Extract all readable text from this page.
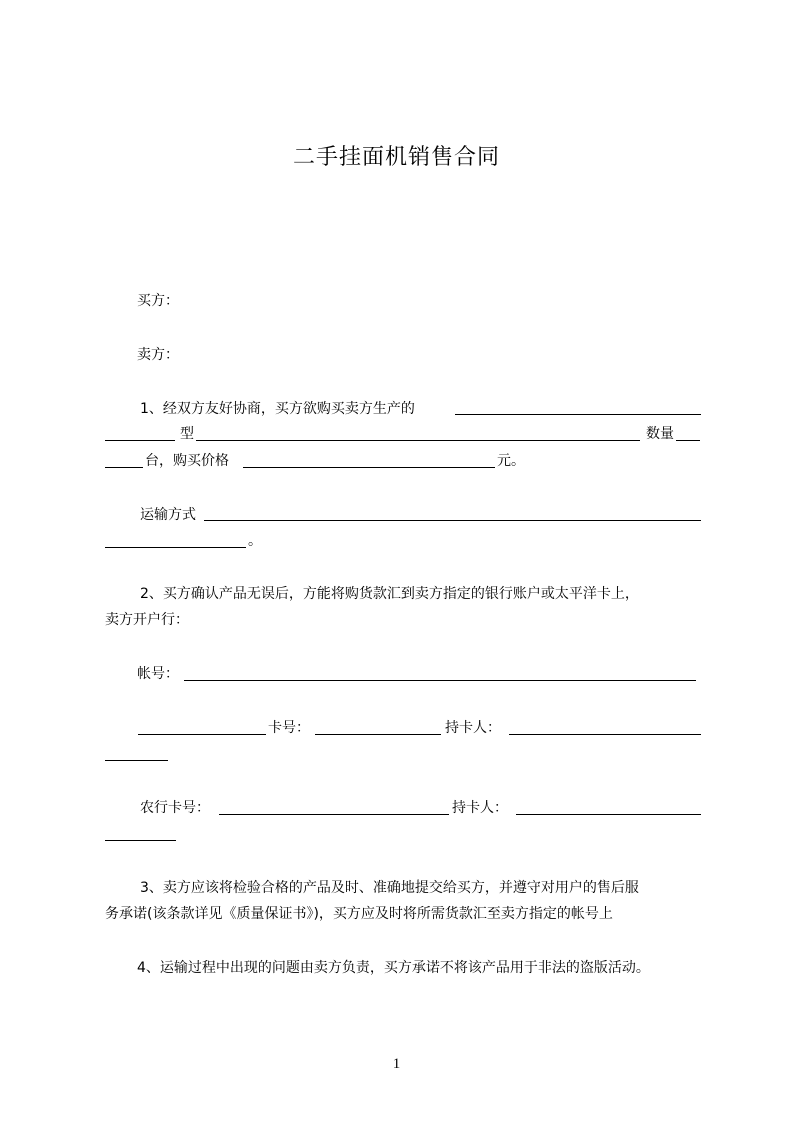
二手挂面机销售合同
买方：
卖方：
1、经双方友好协商，买方欲购买卖方生产的
型	数量
台，购买价格	元。
运输方式
。
2、买方确认产品无误后，方能将购货款汇到卖方指定的银行账户或太平洋卡上，
卖方开户行：
帐号：
卡号：	持卡人：
农行卡号：	持卡人：
3、卖方应该将检验合格的产品及时、准确地提交给买方，并遵守对用户的售后服
务承诺(该条款详见《质量保证书》)，买方应及时将所需货款汇至卖方指定的帐号上
4、运输过程中出现的问题由卖方负责，买方承诺不将该产品用于非法的盗版活动。
1
